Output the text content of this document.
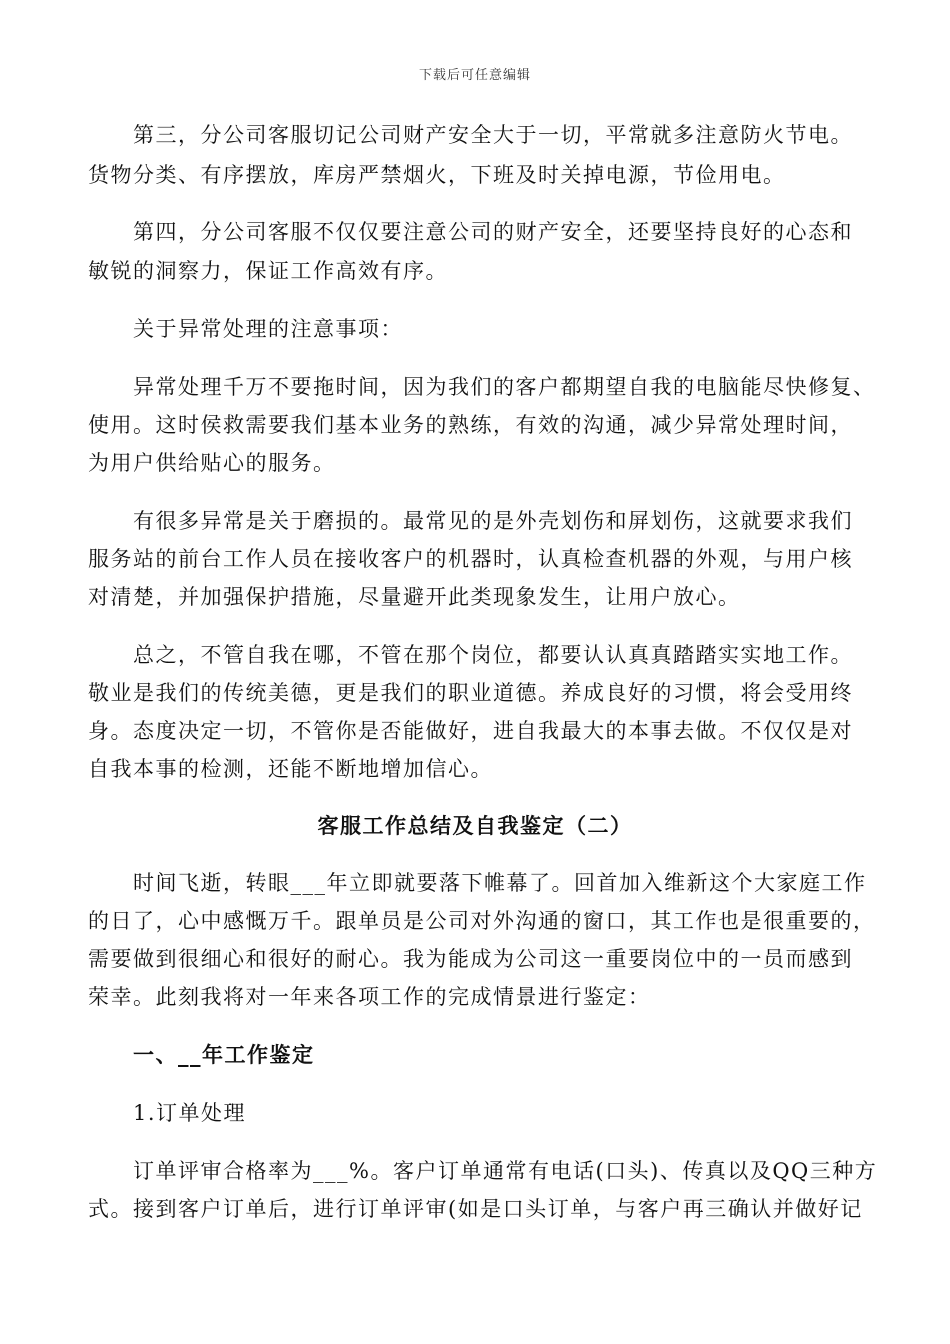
下载后可任意编辑
　　第三，分公司客服切记公司财产安全大于一切，平常就多注意防火节电。
货物分类、有序摆放，库房严禁烟火，下班及时关掉电源，节俭用电。
　　第四，分公司客服不仅仅要注意公司的财产安全，还要坚持良好的心态和
敏锐的洞察力，保证工作高效有序。
　　关于异常处理的注意事项：
　　异常处理千万不要拖时间，因为我们的客户都期望自我的电脑能尽快修复、
使用。这时侯救需要我们基本业务的熟练，有效的沟通，减少异常处理时间，
为用户供给贴心的服务。
　　有很多异常是关于磨损的。最常见的是外壳划伤和屏划伤，这就要求我们
服务站的前台工作人员在接收客户的机器时，认真检查机器的外观，与用户核
对清楚，并加强保护措施，尽量避开此类现象发生，让用户放心。
　　总之，不管自我在哪，不管在那个岗位，都要认认真真踏踏实实地工作。
敬业是我们的传统美德，更是我们的职业道德。养成良好的习惯，将会受用终
身。态度决定一切，不管你是否能做好，进自我最大的本事去做。不仅仅是对
自我本事的检测，还能不断地增加信心。
客服工作总结及自我鉴定（二）
　　时间飞逝，转眼___年立即就要落下帷幕了。回首加入维新这个大家庭工作
的日了，心中感慨万千。跟单员是公司对外沟通的窗口，其工作也是很重要的，
需要做到很细心和很好的耐心。我为能成为公司这一重要岗位中的一员而感到
荣幸。此刻我将对一年来各项工作的完成情景进行鉴定：
　　一、__年工作鉴定
　　1.订单处理
　　订单评审合格率为___%。客户订单通常有电话(口头)、传真以及QQ三种方
式。接到客户订单后，进行订单评审(如是口头订单，与客户再三确认并做好记
